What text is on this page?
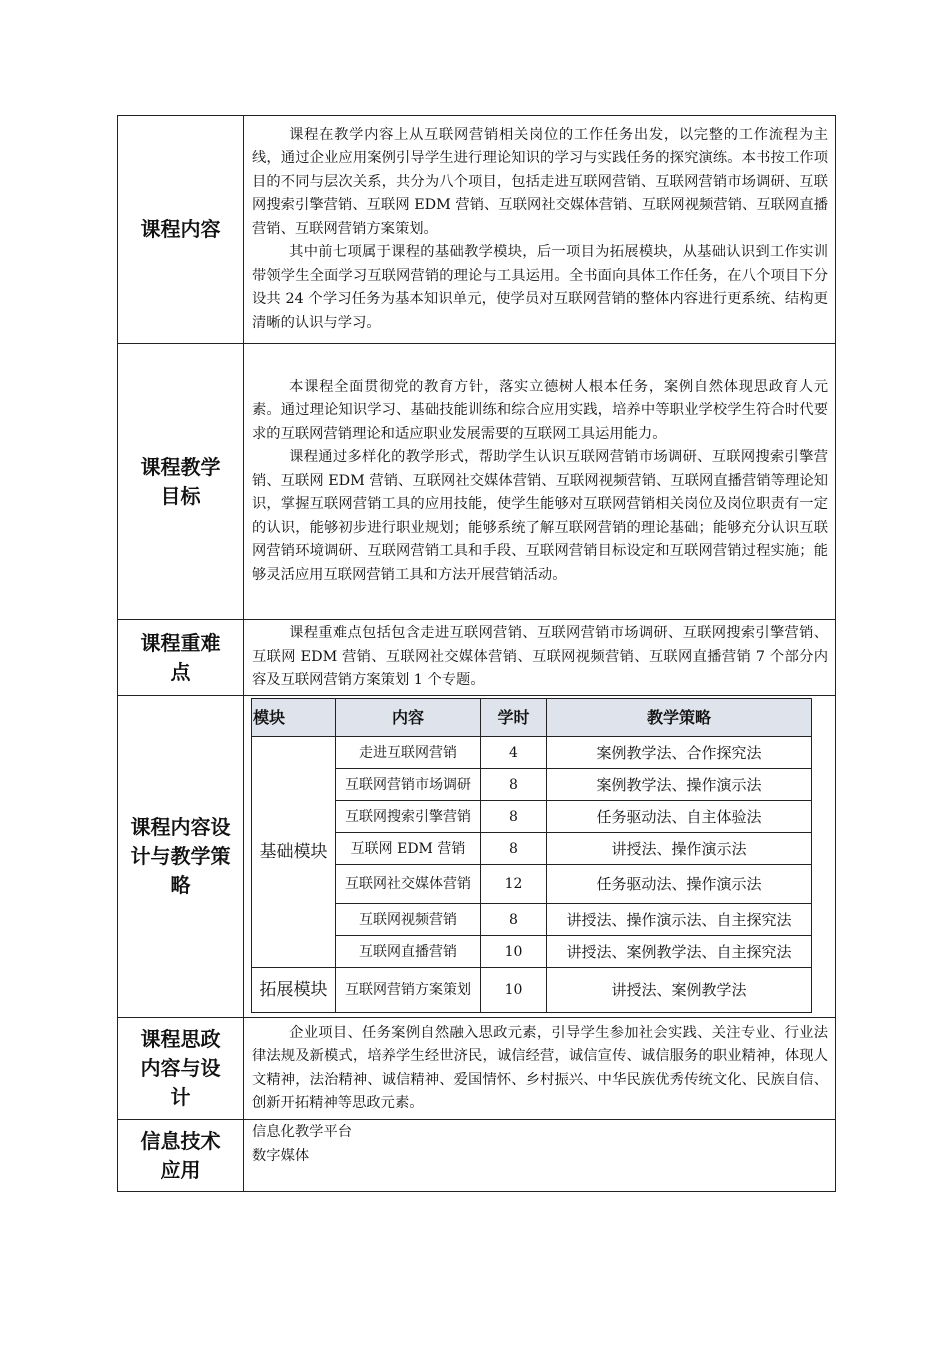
课程内容	

课程在教学内容上从互联网营销相关岗位的工作任务出发，以完整的工作流程为主线，通过企业应用案例引导学生进行理论知识的学习与实践任务的探究演练。本书按工作项目的不同与层次关系，共分为八个项目，包括走进互联网营销、互联网营销市场调研、互联网搜索引擎营销、互联网 EDM 营销、互联网社交媒体营销、互联网视频营销、互联网直播营销、互联网营销方案策划。

其中前七项属于课程的基础教学模块，后一项目为拓展模块，从基础认识到工作实训带领学生全面学习互联网营销的理论与工具运用。全书面向具体工作任务，在八个项目下分设共 24 个学习任务为基本知识单元，使学员对互联网营销的整体内容进行更系统、结构更清晰的认识与学习。

课程教学目标

本课程全面贯彻党的教育方针，落实立德树人根本任务，案例自然体现思政育人元素。通过理论知识学习、基础技能训练和综合应用实践，培养中等职业学校学生符合时代要求的互联网营销理论和适应职业发展需要的互联网工具运用能力。

课程通过多样化的教学形式，帮助学生认识互联网营销市场调研、互联网搜索引擎营销、互联网 EDM 营销、互联网社交媒体营销、互联网视频营销、互联网直播营销等理论知识，掌握互联网营销工具的应用技能，使学生能够对互联网营销相关岗位及岗位职责有一定的认识，能够初步进行职业规划；能够系统了解互联网营销的理论基础；能够充分认识互联网营销环境调研、互联网营销工具和手段、互联网营销目标设定和互联网营销过程实施；能够灵活应用互联网营销工具和方法开展营销活动。

课程重难点

课程重难点包括包含走进互联网营销、互联网营销市场调研、互联网搜索引擎营销、互联网 EDM 营销、互联网社交媒体营销、互联网视频营销、互联网直播营销 7 个部分内容及互联网营销方案策划 1 个专题。

课程内容设计与教学策略

模块	内容	学时	教学策略
基础模块	走进互联网营销	4	案例教学法、合作探究法
互联网营销市场调研	8	案例教学法、操作演示法
互联网搜索引擎营销	8	任务驱动法、自主体验法
互联网 EDM 营销	8	讲授法、操作演示法
互联网社交媒体营销	12	任务驱动法、操作演示法
互联网视频营销	8	讲授法、操作演示法、自主探究法
互联网直播营销	10	讲授法、案例教学法、自主探究法
拓展模块	互联网营销方案策划	10	讲授法、案例教学法

课程思政内容与设计

企业项目、任务案例自然融入思政元素，引导学生参加社会实践、关注专业、行业法律法规及新模式，培养学生经世济民，诚信经营，诚信宣传、诚信服务的职业精神，体现人文精神，法治精神、诚信精神、爱国情怀、乡村振兴、中华民族优秀传统文化、民族自信、创新开拓精神等思政元素。

信息技术应用

信息化教学平台

数字媒体
